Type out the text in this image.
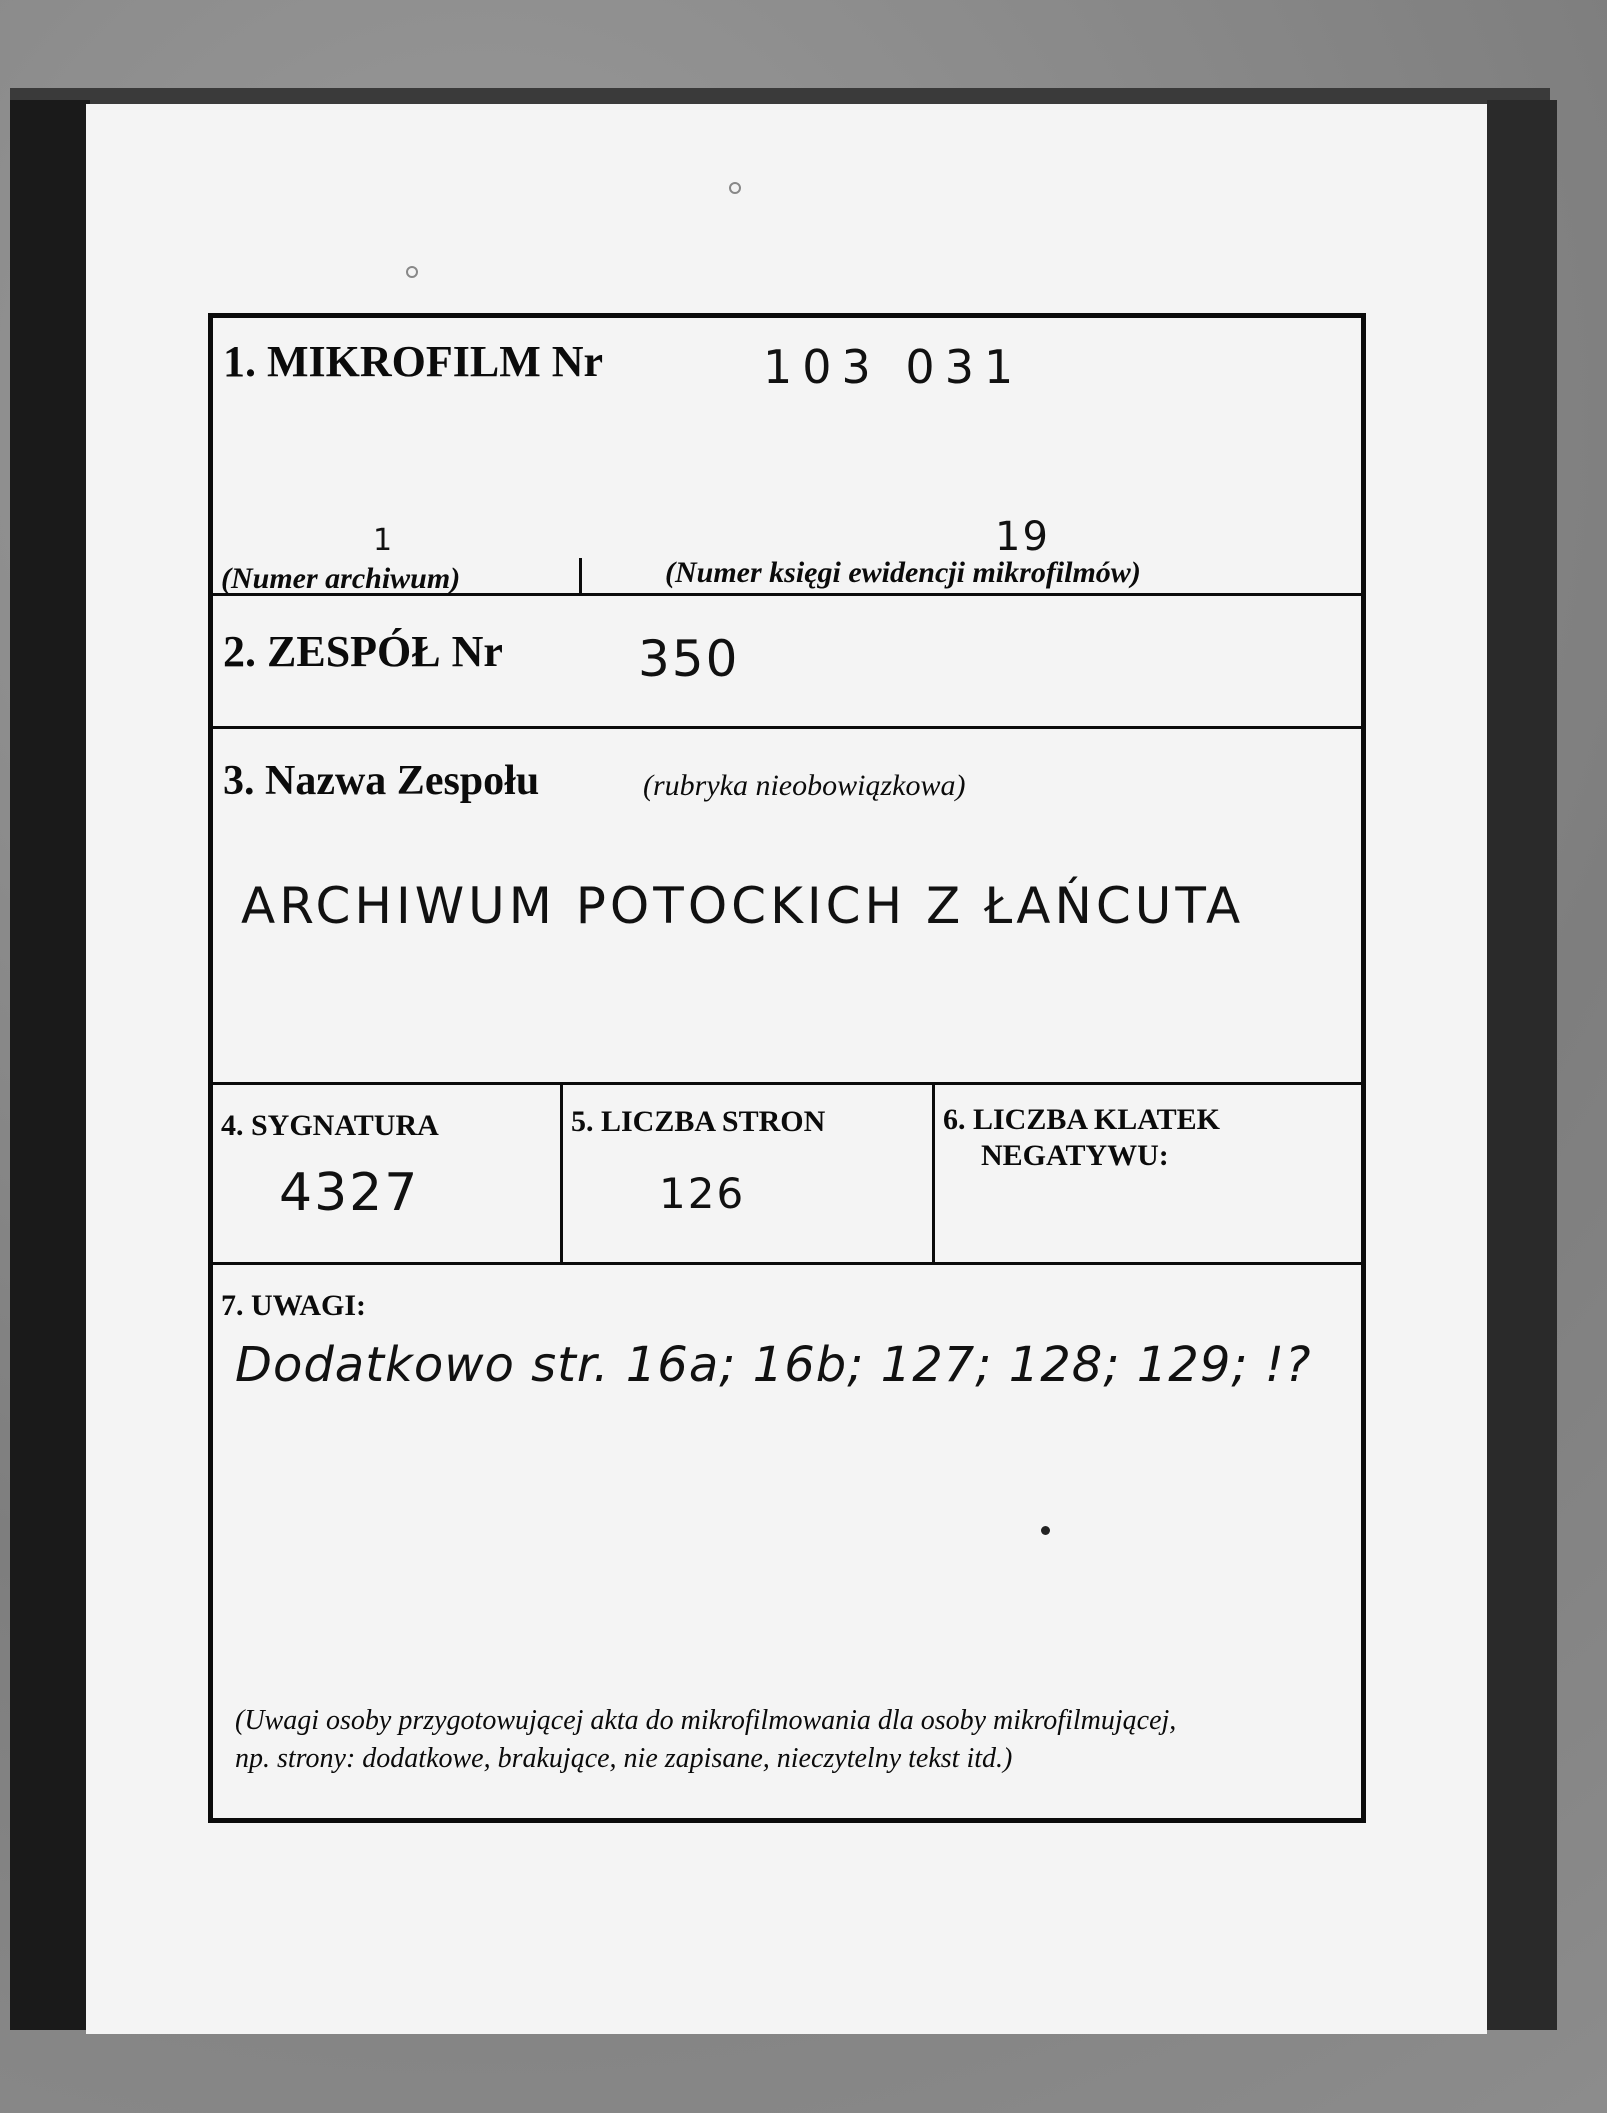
1. MIKROFILM Nr	103 031
1
(Numer archiwum)
19
(Numer księgi ewidencji mikrofilmów)
2. ZESPÓŁ Nr	350
3. Nazwa Zespołu	(rubryka nieobowiązkowa)
ARCHIWUM POTOCKICH Z ŁAŃCUTA
4. SYGNATURA
4327
5. LICZBA STRON
126
6. LICZBA KLATEK
NEGATYWU:
7. UWAGI:
Dodatkowo str. 16a; 16b; 127; 128; 129; !?
(Uwagi osoby przygotowującej akta do mikrofilmowania dla osoby mikrofilmującej,
np. strony: dodatkowe, brakujące, nie zapisane, nieczytelny tekst itd.)
